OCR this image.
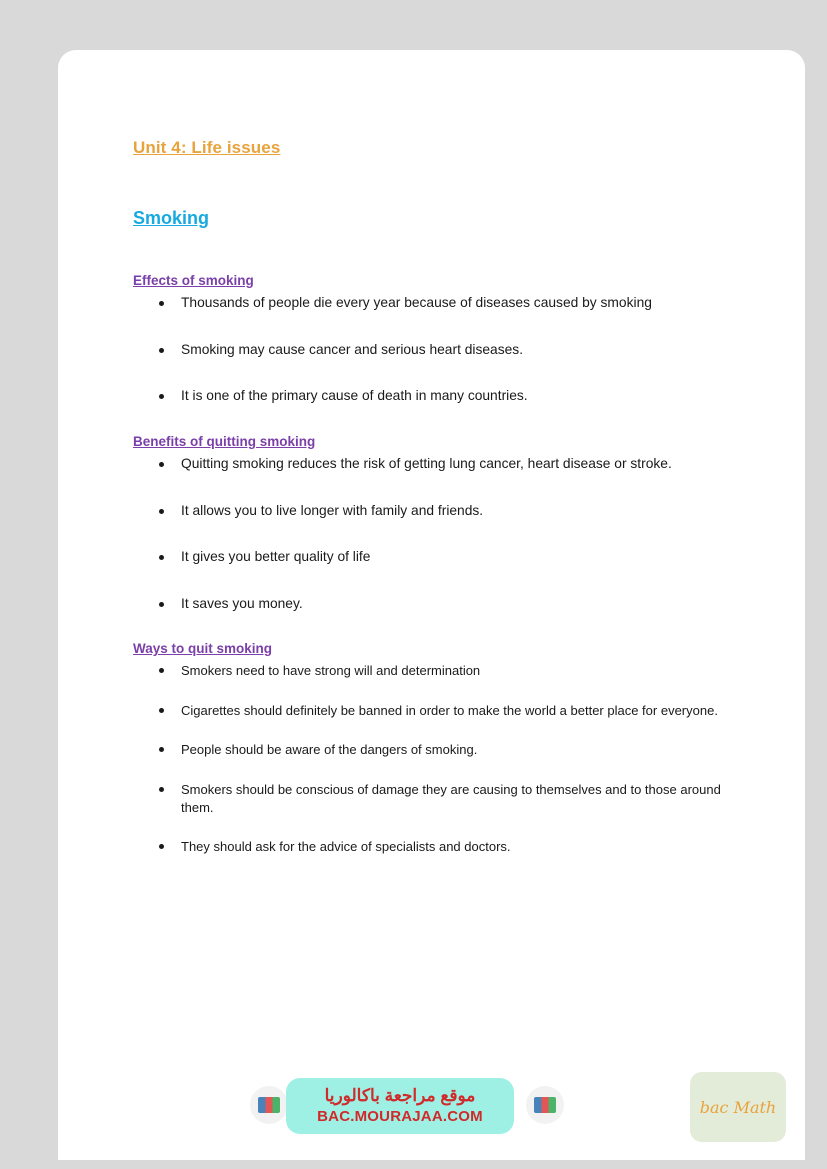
Unit 4: Life issues
Smoking
Effects of smoking
Thousands of people die every year because of diseases caused by smoking
Smoking may cause cancer and serious heart diseases.
It is one of the primary cause of death in many countries.
Benefits of quitting smoking
Quitting smoking reduces the risk of getting lung cancer, heart disease or stroke.
It allows you to live longer with family and friends.
It gives you better quality of life
It saves you money.
Ways to quit smoking
Smokers need to have strong will and determination
Cigarettes should definitely be banned in order to make the world a better place for everyone.
People should be aware of the dangers of smoking.
Smokers should be conscious of damage they are causing to themselves and to those around them.
They should ask for the advice of specialists and doctors.
موقع مراجعة باكالوريا
BAC.MOURAJAA.COM	bac Math
